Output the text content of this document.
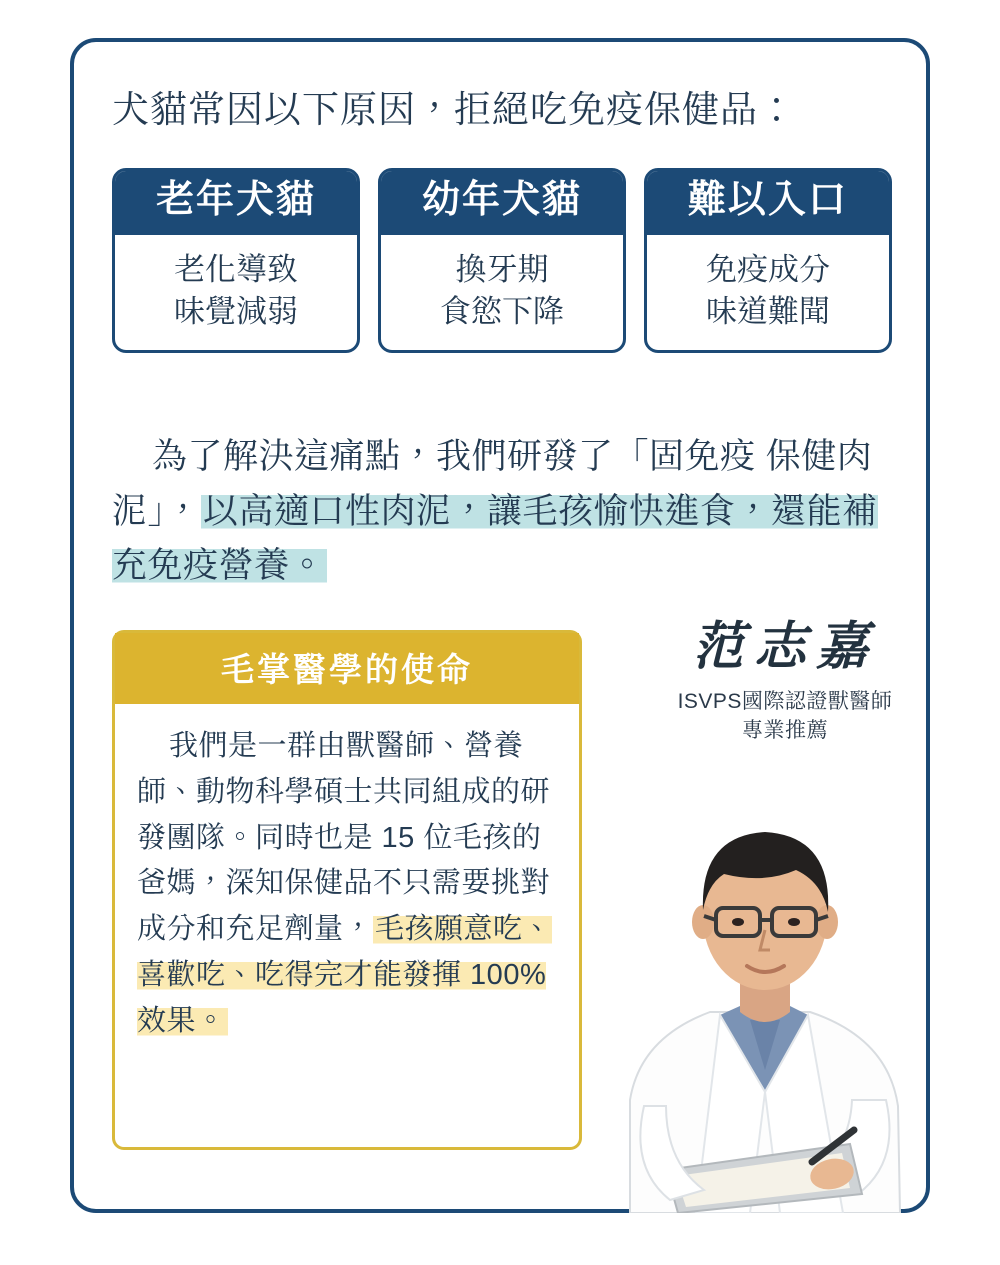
犬貓常因以下原因，拒絕吃免疫保健品：
老年犬貓
老化導致
味覺減弱
幼年犬貓
換牙期
食慾下降
難以入口
免疫成分
味道難聞
為了解決這痛點，我們研發了「固免疫 保健肉泥」，以高適口性肉泥，讓毛孩愉快進食，還能補充免疫營養。
毛掌醫學的使命
我們是一群由獸醫師、營養師、動物科學碩士共同組成的研發團隊。同時也是 15 位毛孩的爸媽，深知保健品不只需要挑對成分和充足劑量，毛孩願意吃、喜歡吃、吃得完才能發揮 100% 效果。
范志嘉
ISVPS國際認證獸醫師
專業推薦
